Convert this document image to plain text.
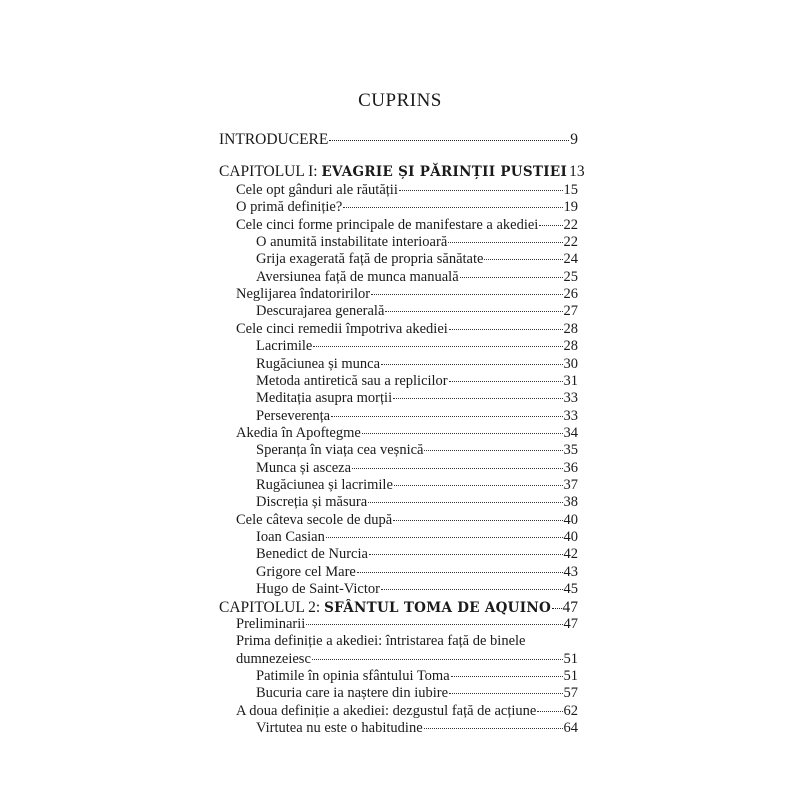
CUPRINS
INTRODUCERE	9
CAPITOLUL I: EVAGRIE ȘI PĂRINȚII PUSTIEI 13
Cele opt gânduri ale răutății	15
O primă definiție?	19
Cele cinci forme principale de manifestare a akediei 22
O anumită instabilitate interioară	22
Grija exagerată față de propria sănătate	24
Aversiunea față de munca manuală	25
Neglijarea îndatoririlor	26
Descurajarea generală	27
Cele cinci remedii împotriva akediei	28
Lacrimile	28
Rugăciunea și munca	30
Metoda antiretică sau a replicilor	31
Meditația asupra morții	33
Perseverența	33
Akedia în Apoftegme	34
Speranța în viața cea veșnică	35
Munca și asceza	36
Rugăciunea și lacrimile	37
Discreția și măsura	38
Cele câteva secole de după	40
Ioan Casian	40
Benedict de Nurcia	42
Grigore cel Mare	43
Hugo de Saint-Victor	45
CAPITOLUL 2: SFÂNTUL TOMA DE AQUINO 47
Preliminarii	47
Prima definiție a akediei: întristarea față de binele
dumnezeiesc	51
Patimile în opinia sfântului Toma	51
Bucuria care ia naștere din iubire	57
A doua definiție a akediei: dezgustul față de acțiune 62
Virtutea nu este o habitudine	64
